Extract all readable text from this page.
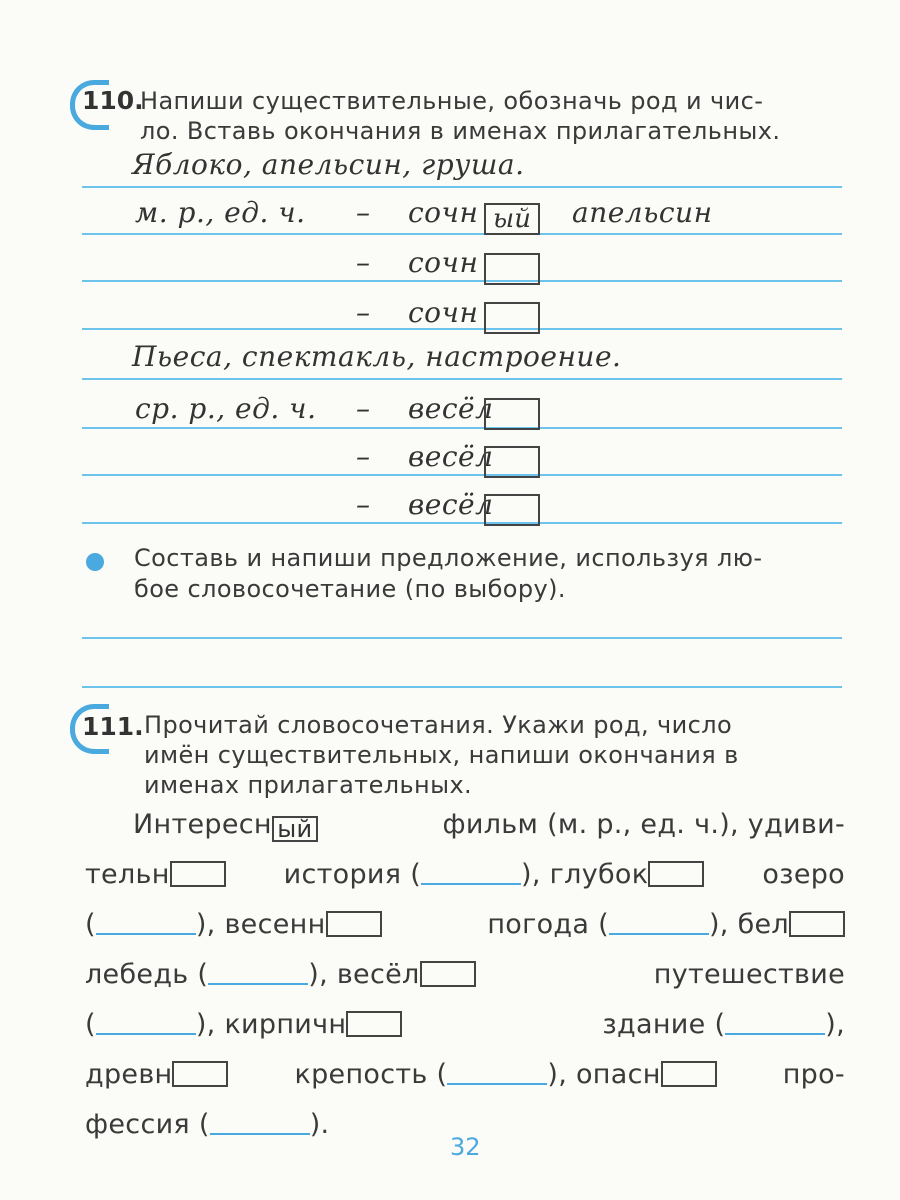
110.
Напиши существительные, обозначь род и чис-
ло. Вставь окончания в именах прилагательных.
Яблоко, апельсин, груша.
м. р., ед. ч. – сочн ый	апельсин
– сочн
– сочн
Пьеса, спектакль, настроение.
ср. р., ед. ч. – весёл
– весёл
– весёл
Составь и напиши предложение, используя лю-
бое словосочетание (по выбору).
111. Прочитай словосочетания. Укажи род, число
имён существительных, напиши окончания в
именах прилагательных.
Интересн ый	фильм (м. р., ед. ч.), удиви-
тельн	история (	), глубок	озеро
(	), весенн	погода (	), бел
лебедь (	), весёл	путешествие
(	), кирпичн	здание (	),
древн	крепость (	), опасн	про-
фессия (	).
32
